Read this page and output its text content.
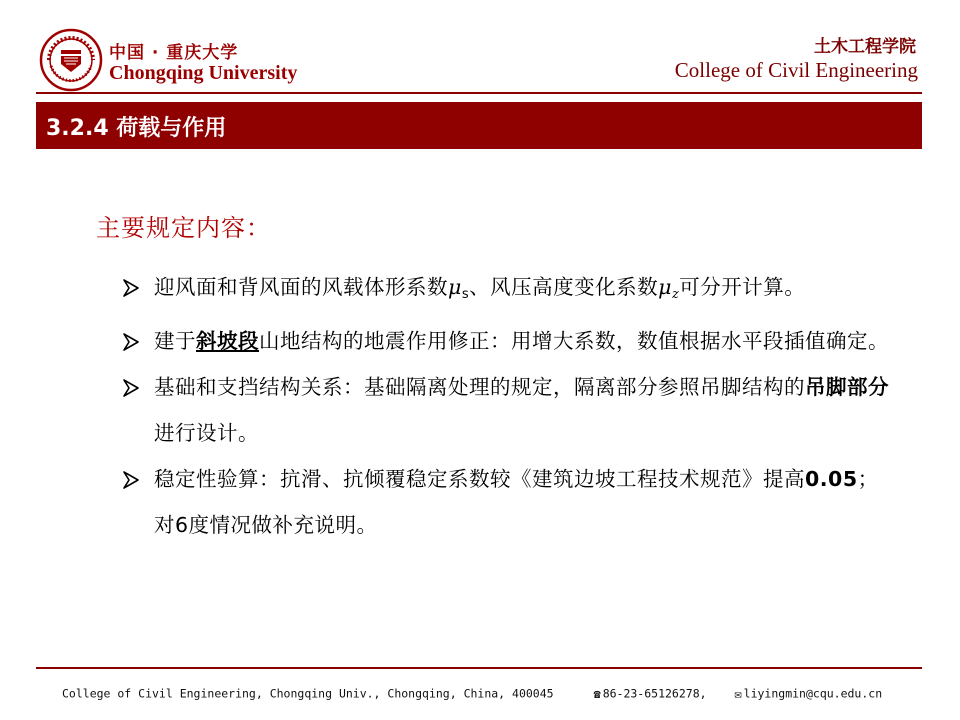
中国 · 重庆大学
Chongqing University
土木工程学院
College of Civil Engineering
3.2.4 荷载与作用
主要规定内容：
迎风面和背风面的风载体形系数$\mu_s$、风压高度变化系数$\mu_z$可分开计算。
建于斜坡段山地结构的地震作用修正：用增大系数，数值根据水平段插值确定。
基础和支挡结构关系：基础隔离处理的规定，隔离部分参照吊脚结构的吊脚部分进行设计。
稳定性验算：抗滑、抗倾覆稳定系数较《建筑边坡工程技术规范》提高0.05；对6度情况做补充说明。
College of Civil Engineering, Chongqing Univ., Chongqing, China, 400045	☎ 86-23-65126278, ✉ liyingmin@cqu.edu.cn
